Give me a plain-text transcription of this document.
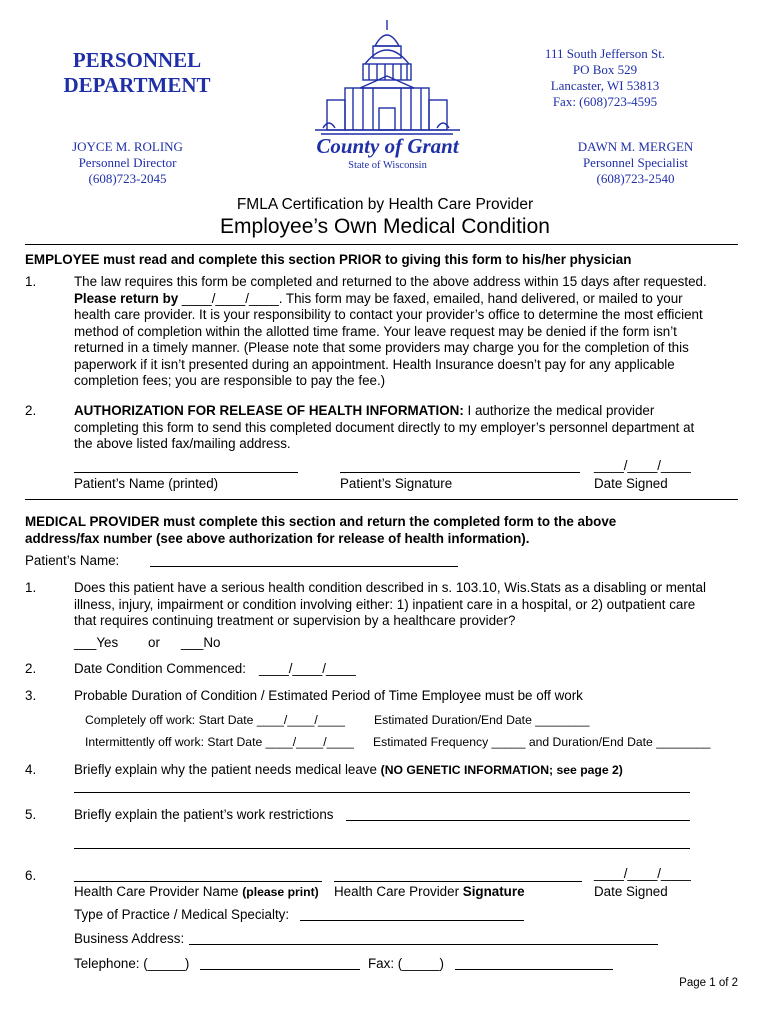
PERSONNEL
DEPARTMENT
111 South Jefferson St.
PO Box 529
Lancaster, WI 53813
Fax: (608)723-4595
County of Grant
State of Wisconsin
JOYCE M. ROLING
Personnel Director
(608)723-2045
DAWN M. MERGEN
Personnel Specialist
(608)723-2540
FMLA Certification by Health Care Provider
Employee’s Own Medical Condition
EMPLOYEE must read and complete this section PRIOR to giving this form to his/her physician
1.	The law requires this form be completed and returned to the above address within 15 days after requested.
Please return by ____/____/____. This form may be faxed, emailed, hand delivered, or mailed to your
health care provider. It is your responsibility to contact your provider’s office to determine the most efficient
method of completion within the allotted time frame. Your leave request may be denied if the form isn’t
returned in a timely manner. (Please note that some providers may charge you for the completion of this
paperwork if it isn’t presented during an appointment. Health Insurance doesn’t pay for any applicable
completion fees; you are responsible to pay the fee.)
2.	AUTHORIZATION FOR RELEASE OF HEALTH INFORMATION: I authorize the medical provider
completing this form to send this completed document directly to my employer’s personnel department at
the above listed fax/mailing address.
____/____/____
Patient’s Name (printed)	Patient’s Signature	Date Signed
MEDICAL PROVIDER must complete this section and return the completed form to the above
address/fax number (see above authorization for release of health information).
Patient’s Name:
1.	Does this patient have a serious health condition described in s. 103.10, Wis.Stats as a disabling or mental
illness, injury, impairment or condition involving either: 1) inpatient care in a hospital, or 2) outpatient care
that requires continuing treatment or supervision by a healthcare provider?
___Yes or ___No
2.	Date Condition Commenced: ____/____/____
3.	Probable Duration of Condition / Estimated Period of Time Employee must be off work
Completely off work: Start Date ____/____/____ Estimated Duration/End Date ________
Intermittently off work: Start Date ____/____/____ Estimated Frequency _____ and Duration/End Date ________
4.	Briefly explain why the patient needs medical leave (NO GENETIC INFORMATION; see page 2)
5.	Briefly explain the patient’s work restrictions
6.	____/____/____
Health Care Provider Name (please print) Health Care Provider Signature	Date Signed
Type of Practice / Medical Specialty:
Business Address:
Telephone: (_____)	Fax: (_____)
Page 1 of 2
